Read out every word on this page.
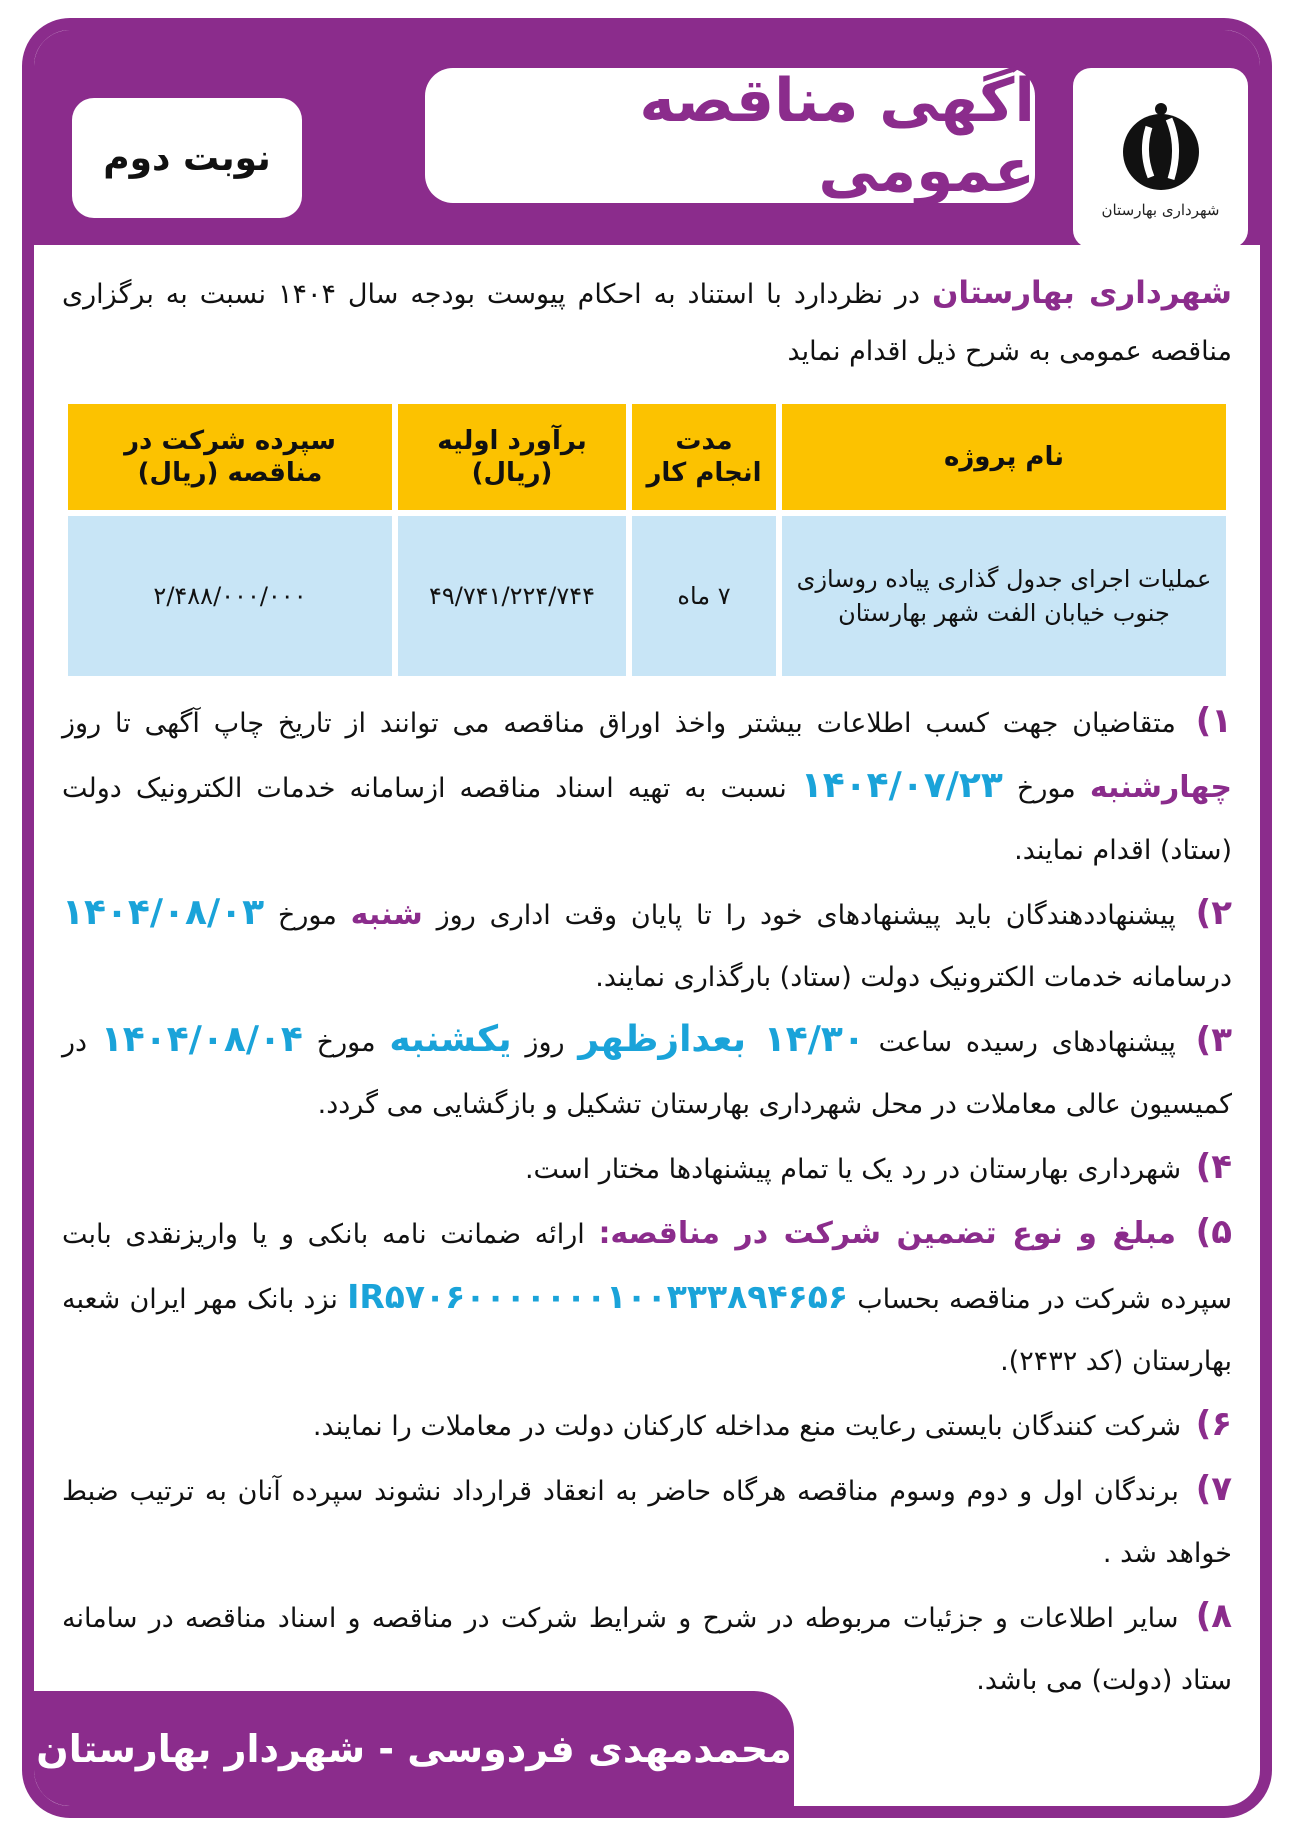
شهرداری بهارستان
آگهی مناقصه عمومی
نوبت دوم
شهرداری بهارستان در نظردارد با استناد به احکام پیوست بودجه سال ۱۴۰۴ نسبت به برگزاری مناقصه عمومی به شرح ذیل اقدام نماید
نام پروژه	مدت انجام کار	برآورد اولیه (ریال)	سپرده شرکت در مناقصه (ریال)
عملیات اجرای جدول گذاری پیاده روسازی جنوب خیابان الفت شهر بهارستان	۷ ماه	۴۹/۷۴۱/۲۲۴/۷۴۴	۲/۴۸۸/۰۰۰/۰۰۰

۱) متقاضیان جهت کسب اطلاعات بیشتر واخذ اوراق مناقصه می توانند از تاریخ چاپ آگهی تا روز چهارشنبه مورخ ۱۴۰۴/۰۷/۲۳ نسبت به تهیه اسناد مناقصه ازسامانه خدمات الکترونیک دولت (ستاد) اقدام نمایند.

۲) پیشنهاددهندگان باید پیشنهادهای خود را تا پایان وقت اداری روز شنبه مورخ ۱۴۰۴/۰۸/۰۳ درسامانه خدمات الکترونیک دولت (ستاد) بارگذاری نمایند.

۳) پیشنهادهای رسیده ساعت ۱۴/۳۰ بعدازظهر روز یکشنبه مورخ ۱۴۰۴/۰۸/۰۴ در کمیسیون عالی معاملات در محل شهرداری بهارستان تشکیل و بازگشایی می گردد.

۴) شهرداری بهارستان در رد یک یا تمام پیشنهادها مختار است.

۵) مبلغ و نوع تضمین شرکت در مناقصه: ارائه ضمانت نامه بانکی و یا واریزنقدی بابت سپرده شرکت در مناقصه بحساب IR۵۷۰۶۰۰۰۰۰۰۰۱۰۰۳۳۳۸۹۴۶۵۶ نزد بانک مهر ایران شعبه بهارستان (کد ۲۴۳۲).

۶) شرکت کنندگان بایستی رعایت منع مداخله کارکنان دولت در معاملات را نمایند.

۷) برندگان اول و دوم وسوم مناقصه هرگاه حاضر به انعقاد قرارداد نشوند سپرده آنان به ترتیب ضبط خواهد شد .

۸) سایر اطلاعات و جزئیات مربوطه در شرح و شرایط شرکت در مناقصه و اسناد مناقصه در سامانه ستاد (دولت) می باشد.

محمدمهدی فردوسی - شهردار بهارستان
